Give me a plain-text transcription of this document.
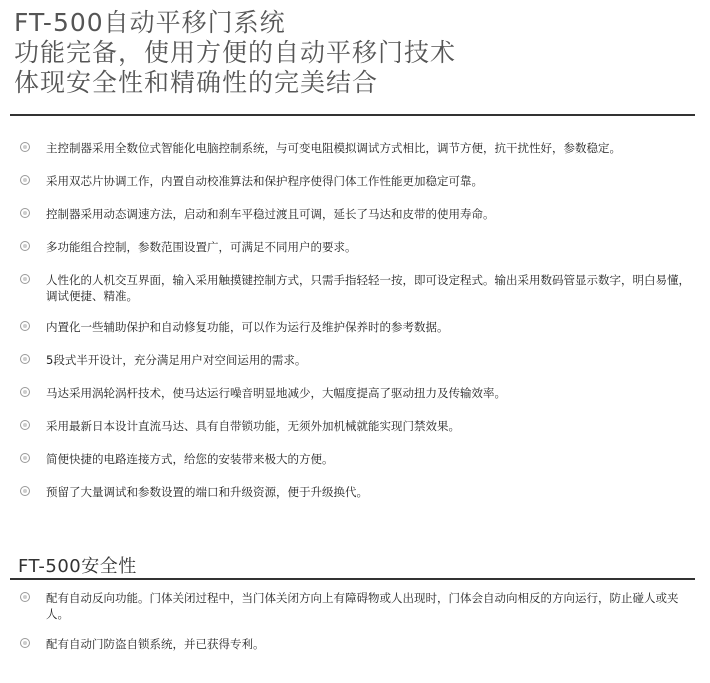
FT-500自动平移门系统
功能完备，使用方便的自动平移门技术
体现安全性和精确性的完美结合
主控制器采用全数位式智能化电脑控制系统，与可变电阻模拟调试方式相比，调节方便，抗干扰性好，参数稳定。
采用双芯片协调工作，内置自动校准算法和保护程序使得门体工作性能更加稳定可靠。
控制器采用动态调速方法，启动和刹车平稳过渡且可调，延长了马达和皮带的使用寿命。
多功能组合控制，参数范围设置广，可满足不同用户的要求。
人性化的人机交互界面，输入采用触摸键控制方式，只需手指轻轻一按，即可设定程式。输出采用数码管显示数字，明白易懂，调试便捷、精准。
内置化一些辅助保护和自动修复功能，可以作为运行及维护保养时的参考数据。
5段式半开设计，充分满足用户对空间运用的需求。
马达采用涡轮涡杆技术，使马达运行噪音明显地减少，大幅度提高了驱动扭力及传输效率。
采用最新日本设计直流马达、具有自带锁功能，无须外加机械就能实现门禁效果。
简便快捷的电路连接方式，给您的安装带来极大的方便。
预留了大量调试和参数设置的端口和升级资源，便于升级换代。
FT-500安全性
配有自动反向功能。门体关闭过程中，当门体关闭方向上有障碍物或人出现时，门体会自动向相反的方向运行，防止碰人或夹人。
配有自动门防盗自锁系统，并已获得专利。
